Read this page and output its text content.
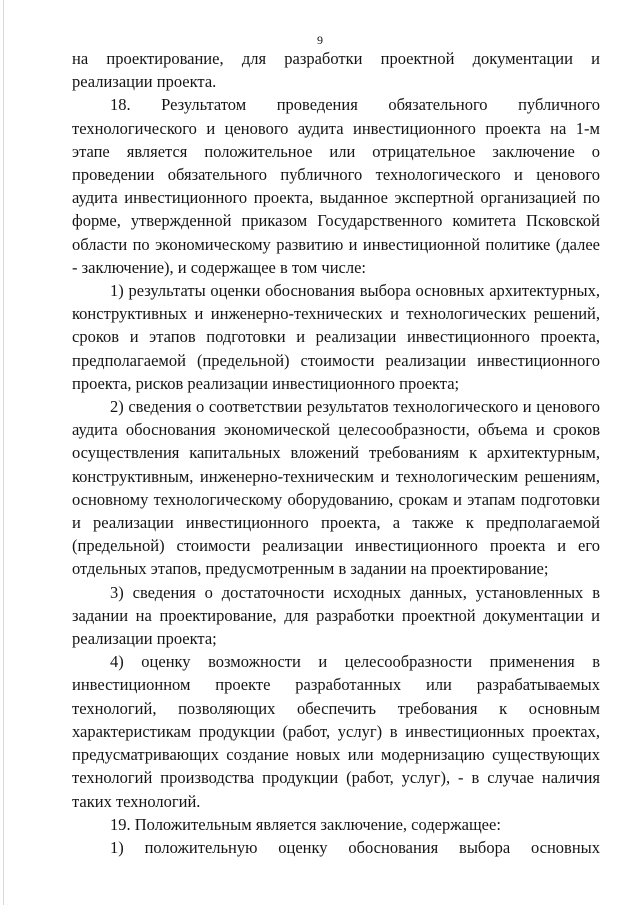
9

на проектирование, для разработки проектной документации и реализации проекта.

18. Результатом проведения обязательного публичного технологического и ценового аудита инвестиционного проекта на 1-м этапе является положительное или отрицательное заключение о проведении обязательного публичного технологического и ценового аудита инвестиционного проекта, выданное экспертной организацией по форме, утвержденной приказом Государственного комитета Псковской области по экономическому развитию и инвестиционной политике (далее - заключение), и содержащее в том числе:

1) результаты оценки обоснования выбора основных архитектурных, конструктивных и инженерно-технических и технологических решений, сроков и этапов подготовки и реализации инвестиционного проекта, предполагаемой (предельной) стоимости реализации инвестиционного проекта, рисков реализации инвестиционного проекта;

2) сведения о соответствии результатов технологического и ценового аудита обоснования экономической целесообразности, объема и сроков осуществления капитальных вложений требованиям к архитектурным, конструктивным, инженерно-техническим и технологическим решениям, основному технологическому оборудованию, срокам и этапам подготовки и реализации инвестиционного проекта, а также к предполагаемой (предельной) стоимости реализации инвестиционного проекта и его отдельных этапов, предусмотренным в задании на проектирование;

3) сведения о достаточности исходных данных, установленных в задании на проектирование, для разработки проектной документации и реализации проекта;

4) оценку возможности и целесообразности применения в инвестиционном проекте разработанных или разрабатываемых технологий, позволяющих обеспечить требования к основным характеристикам продукции (работ, услуг) в инвестиционных проектах, предусматривающих создание новых или модернизацию существующих технологий производства продукции (работ, услуг), - в случае наличия таких технологий.

19. Положительным является заключение, содержащее:

1) положительную оценку обоснования выбора основных
